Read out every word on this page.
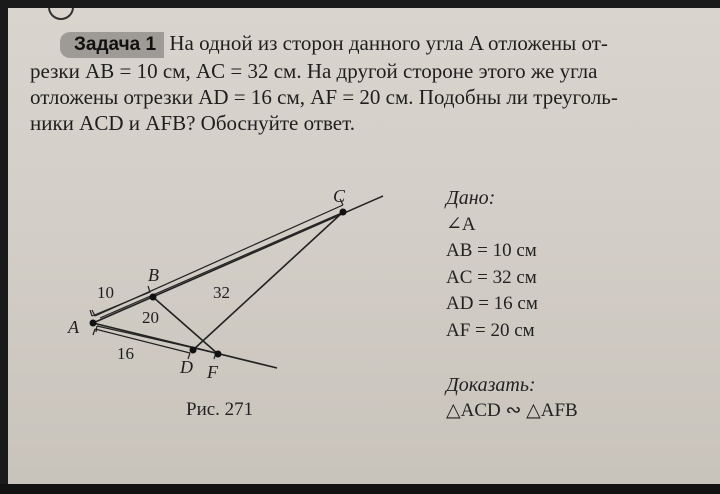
Задача 1 На одной из сторон данного угла A отложены от-
резки AB = 10 см, AC = 32 см. На другой стороне этого же угла
отложены отрезки AD = 16 см, AF = 20 см. Подобны ли треуголь-
ники ACD и AFB? Обоснуйте ответ.
A
B
C
D F
10	32
20
16
Рис. 271
Дано:
∠A
AB = 10 см
AC = 32 см
AD = 16 см
AF = 20 см
Доказать:
△ACD ∾ △AFB
